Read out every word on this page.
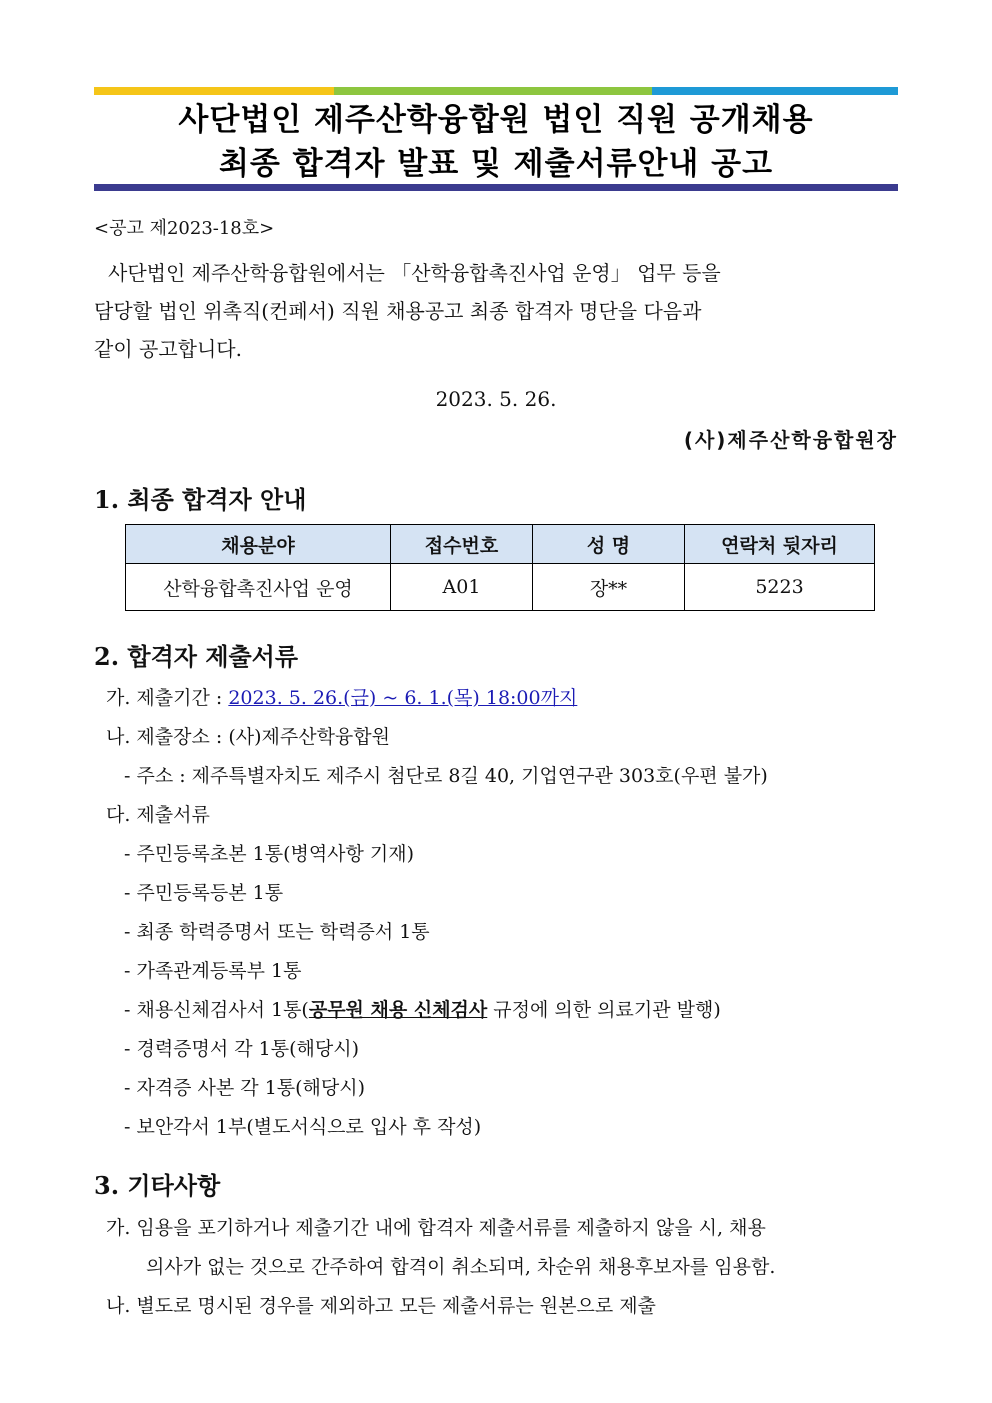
사단법인 제주산학융합원 법인 직원 공개채용
최종 합격자 발표 및 제출서류안내 공고
<공고 제2023-18호>
사단법인 제주산학융합원에서는 「산학융합촉진사업 운영」 업무 등을
담당할 법인 위촉직(컨페서) 직원 채용공고 최종 합격자 명단을 다음과
같이 공고합니다.
2023. 5. 26.
(사)제주산학융합원장
1. 최종 합격자 안내
채용분야	접수번호	성 명	연락처 뒷자리
산학융합촉진사업 운영	A01	장**	5223
2. 합격자 제출서류
가. 제출기간 : 2023. 5. 26.(금) ~ 6. 1.(목) 18:00까지
나. 제출장소 : (사)제주산학융합원
- 주소 : 제주특별자치도 제주시 첨단로 8길 40, 기업연구관 303호(우편 불가)
다. 제출서류
- 주민등록초본 1통(병역사항 기재)
- 주민등록등본 1통
- 최종 학력증명서 또는 학력증서 1통
- 가족관계등록부 1통
- 채용신체검사서 1통(공무원 채용 신체검사 규정에 의한 의료기관 발행)
- 경력증명서 각 1통(해당시)
- 자격증 사본 각 1통(해당시)
- 보안각서 1부(별도서식으로 입사 후 작성)
3. 기타사항
가. 임용을 포기하거나 제출기간 내에 합격자 제출서류를 제출하지 않을 시, 채용
의사가 없는 것으로 간주하여 합격이 취소되며, 차순위 채용후보자를 임용함.
나. 별도로 명시된 경우를 제외하고 모든 제출서류는 원본으로 제출
